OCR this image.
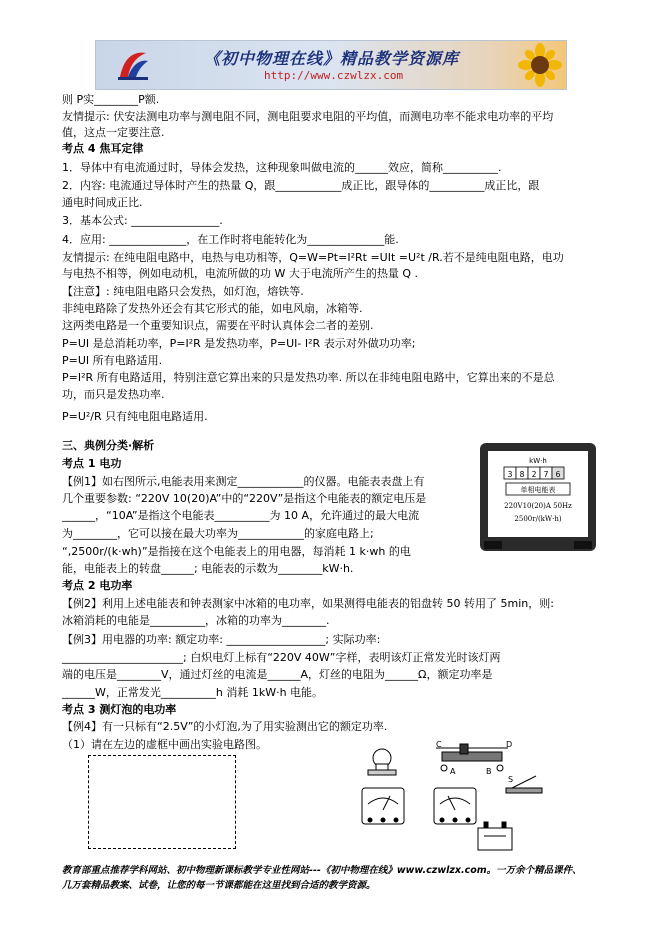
《初中物理在线》精品教学资源库
http://www.czwlzx.com
则 P实________P额.
友情提示: 伏安法测电功率与测电阻不同，测电阻要求电阻的平均值，而测电功率不能求电功率的平均
值，这点一定要注意.
考点 4 焦耳定律
1．导体中有电流通过时，导体会发热，这种现象叫做电流的______效应，简称__________.
2．内容: 电流通过导体时产生的热量 Q，跟____________成正比，跟导体的__________成正比，跟
通电时间成正比.
3．基本公式: ________________.
4．应用: ______________，在工作时将电能转化为______________能.
友情提示: 在纯电阻电路中，电热与电功相等，Q=W=Pt=I²Rt =UIt =U²t /R.若不是纯电阻电路，电功
与电热不相等，例如电动机，电流所做的功 W 大于电流所产生的热量 Q .
【注意】: 纯电阻电路只会发热，如灯泡，熔铁等.
非纯电路除了发热外还会有其它形式的能，如电风扇，冰箱等.
这两类电路是一个重要知识点，需要在平时认真体会二者的差别.
P=UI 是总消耗功率，P=I²R 是发热功率，P=UI- I²R 表示对外做功功率;
P=UI 所有电路适用.
P=I²R 所有电路适用，特别注意它算出来的只是发热功率. 所以在非纯电阻电路中，它算出来的不是总
功，而只是发热功率.
P=U²/R 只有纯电阻电路适用.
三、典例分类·解析
考点 1 电功
【例1】如右图所示,电能表用来测定____________的仪器。电能表表盘上有
几个重要参数: “220V 10(20)A”中的“220V”是指这个电能表的额定电压是
______，“10A”是指这个电能表__________为 10 A，允许通过的最大电流
为________，它可以接在最大功率为____________的家庭电路上;
“,2500r/(k·wh)”是指接在这个电能表上的用电器，每消耗 1 k·wh 的电
能，电能表上的转盘______; 电能表的示数为________kW·h.
考点 2 电功率
【例2】利用上述电能表和钟表测家中冰箱的电功率，如果测得电能表的铝盘转 50 转用了 5min，则:
冰箱消耗的电能是__________，冰箱的功率为________.
【例3】用电器的功率: 额定功率: __________________; 实际功率:
______________________; 白炽电灯上标有“220V 40W”字样，表明该灯正常发光时该灯两
端的电压是________V，通过灯丝的电流是______A，灯丝的电阻为______Ω，额定功率是
______W，正常发光__________h 消耗 1kW·h 电能。
考点 3 测灯泡的电功率
【例4】有一只标有“2.5V”的小灯泡,为了用实验测出它的额定功率.
（1）请在左边的虚框中画出实验电路图。
kW·h
3 8 2 7 6
单相电能表
220V10(20)A 50Hz
2500r/(kW·h)
C	D
A	B
S
教育部重点推荐学科网站、初中物理新课标教学专业性网站---《初中物理在线》www.czwlzx.com。一万余个精品课件、
几万套精品教案、试卷，让您的每一节课都能在这里找到合适的教学资源。
